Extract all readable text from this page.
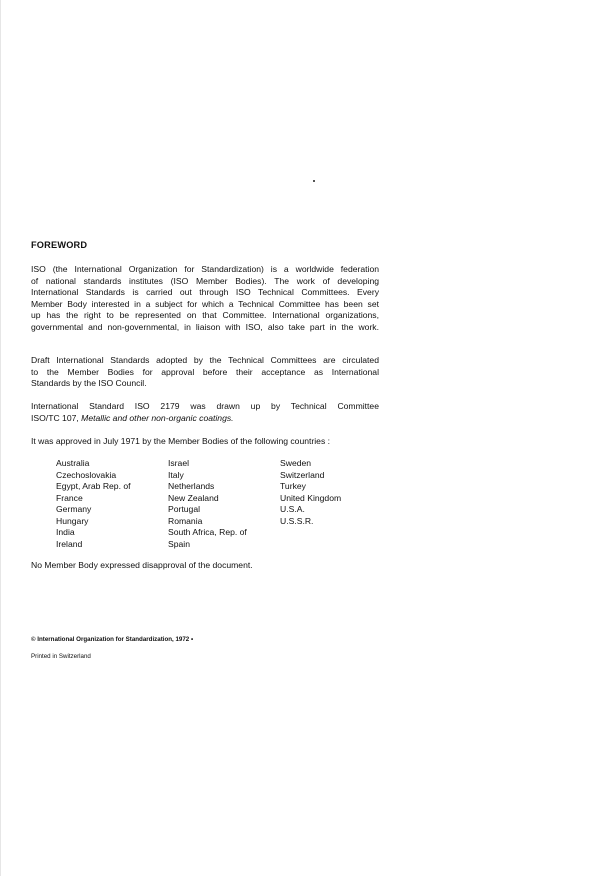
FOREWORD
ISO (the International Organization for Standardization) is a worldwide federation
of national standards institutes (ISO Member Bodies). The work of developing
International Standards is carried out through ISO Technical Committees. Every
Member Body interested in a subject for which a Technical Committee has been set
up has the right to be represented on that Committee. International organizations,
governmental and non-governmental, in liaison with ISO, also take part in the work.
Draft International Standards adopted by the Technical Committees are circulated
to the Member Bodies for approval before their acceptance as International
Standards by the ISO Council.
International Standard ISO 2179 was drawn up by Technical Committee
ISO/TC 107, Metallic and other non-organic coatings.
It was approved in July 1971 by the Member Bodies of the following countries :
Australia
Czechoslovakia
Egypt, Arab Rep. of
France
Germany
Hungary
India
Ireland
Israel
Italy
Netherlands
New Zealand
Portugal
Romania
South Africa, Rep. of
Spain
Sweden
Switzerland
Turkey
United Kingdom
U.S.A.
U.S.S.R.
No Member Body expressed disapproval of the document.
© International Organization for Standardization, 1972 •
Printed in Switzerland
